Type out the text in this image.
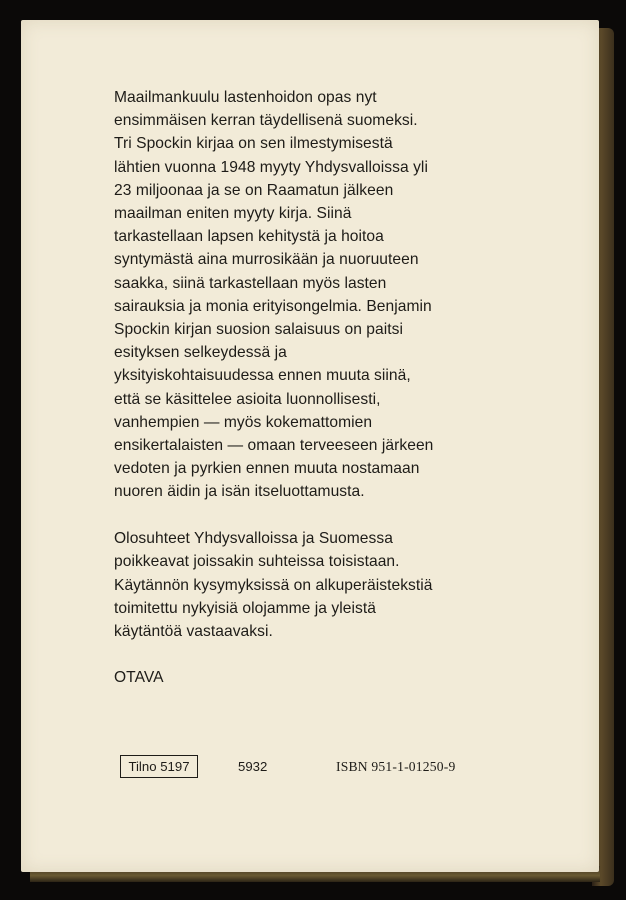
Maailmankuulu lastenhoidon opas nyt
ensimmäisen kerran täydellisenä suomeksi.
Tri Spockin kirjaa on sen ilmestymisestä
lähtien vuonna 1948 myyty Yhdysvalloissa yli
23 miljoonaa ja se on Raamatun jälkeen
maailman eniten myyty kirja. Siinä
tarkastellaan lapsen kehitystä ja hoitoa
syntymästä aina murrosikään ja nuoruuteen
saakka, siinä tarkastellaan myös lasten
sairauksia ja monia erityisongelmia. Benjamin
Spockin kirjan suosion salaisuus on paitsi
esityksen selkeydessä ja
yksityiskohtaisuudessa ennen muuta siinä,
että se käsittelee asioita luonnollisesti,
vanhempien — myös kokemattomien
ensikertalaisten — omaan terveeseen järkeen
vedoten ja pyrkien ennen muuta nostamaan
nuoren äidin ja isän itseluottamusta.
Olosuhteet Yhdysvalloissa ja Suomessa
poikkeavat joissakin suhteissa toisistaan.
Käytännön kysymyksissä on alkuperäistekstiä
toimitettu nykyisiä olojamme ja yleistä
käytäntöä vastaavaksi.
OTAVA
Tilno 5197	5932	ISBN 951-1-01250-9
